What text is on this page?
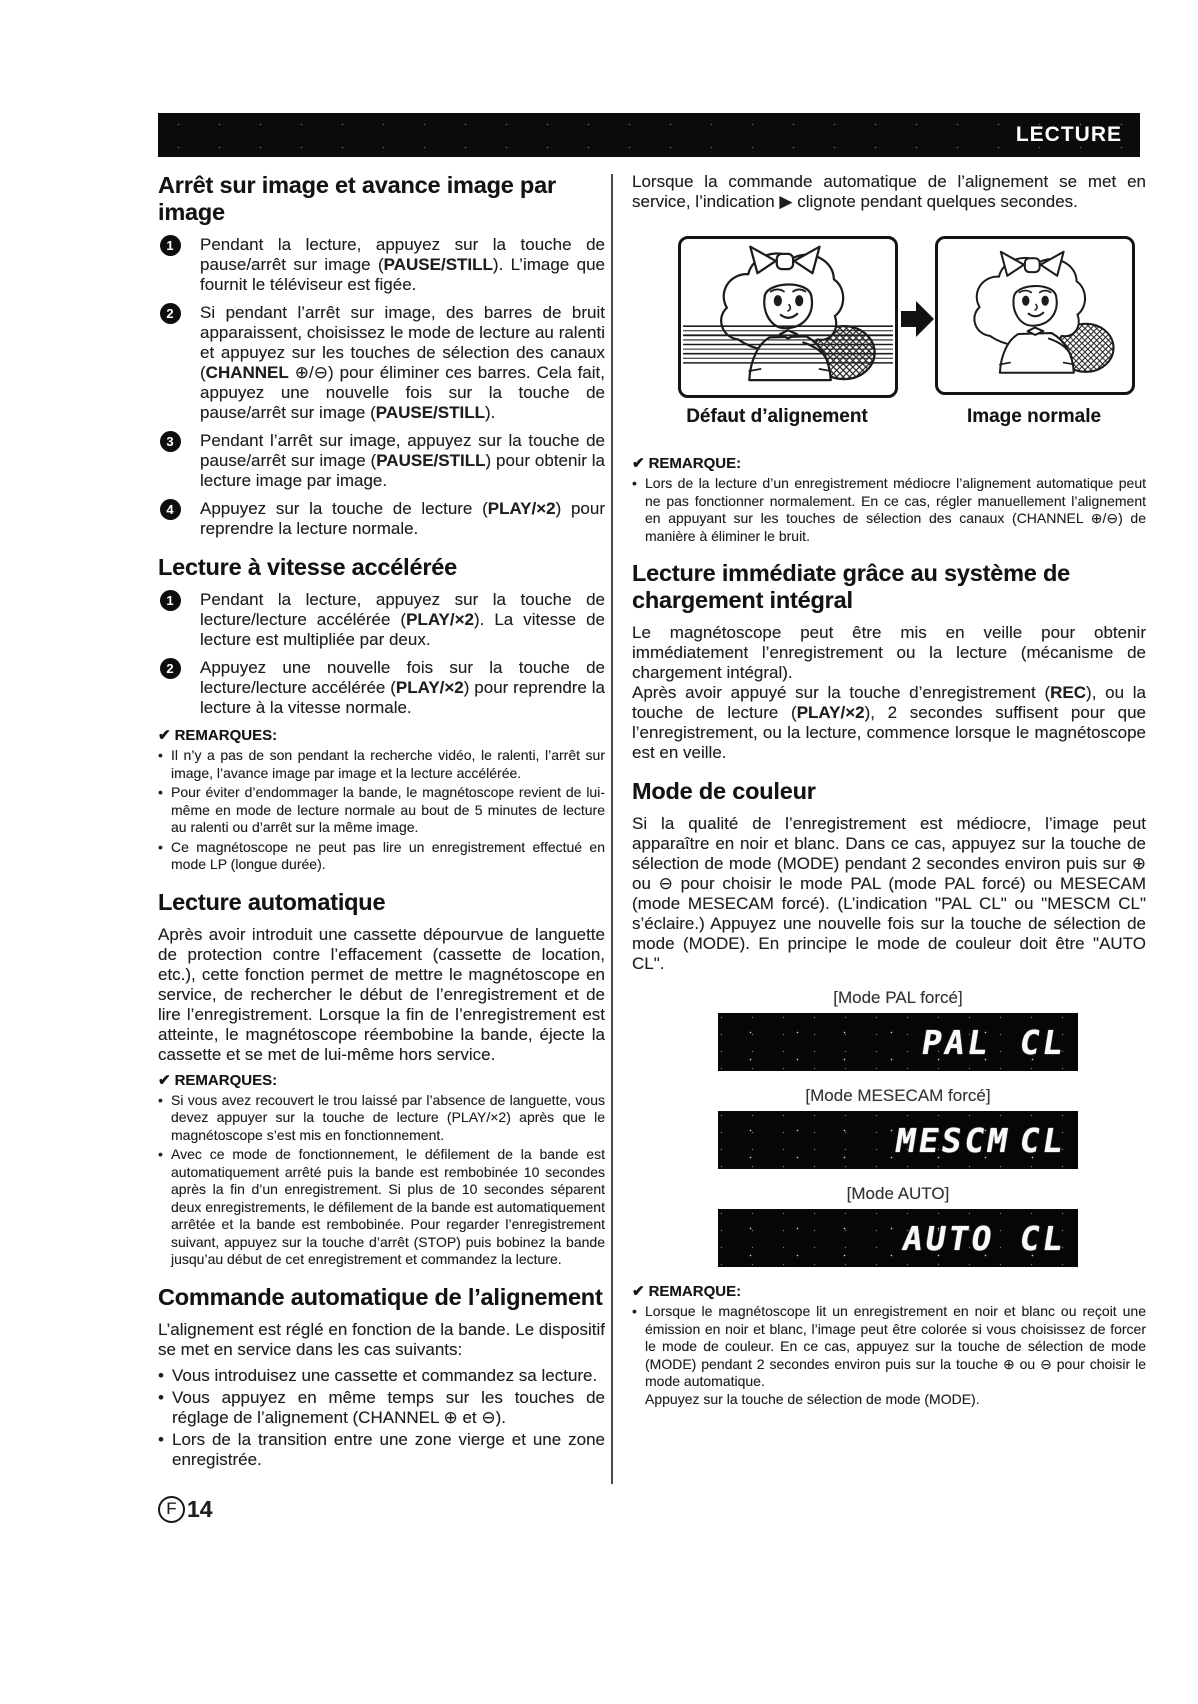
LECTURE
Arrêt sur image et avance image par image
1	Pendant la lecture, appuyez sur la touche de pause/arrêt sur image (PAUSE/STILL). L’image que fournit le téléviseur est figée.
2	Si pendant l’arrêt sur image, des barres de bruit apparaissent, choisissez le mode de lecture au ralenti et appuyez sur les touches de sélection des canaux (CHANNEL ⊕/⊖) pour éliminer ces barres. Cela fait, appuyez une nouvelle fois sur la touche de pause/arrêt sur image (PAUSE/STILL).
3	Pendant l’arrêt sur image, appuyez sur la touche de pause/arrêt sur image (PAUSE/STILL) pour obtenir la lecture image par image.
4	Appuyez sur la touche de lecture (PLAY/×2) pour reprendre la lecture normale.
Lecture à vitesse accélérée
1	Pendant la lecture, appuyez sur la touche de lecture/lecture accélérée (PLAY/×2). La vitesse de lecture est multipliée par deux.
2	Appuyez une nouvelle fois sur la touche de lecture/lecture accélérée (PLAY/×2) pour reprendre la lecture à la vitesse normale.
✔ REMARQUES:
• Il n’y a pas de son pendant la recherche vidéo, le ralenti, l’arrêt sur image, l’avance image par image et la lecture accélérée.
• Pour éviter d’endommager la bande, le magnétoscope revient de lui-même en mode de lecture normale au bout de 5 minutes de lecture au ralenti ou d’arrêt sur la même image.
• Ce magnétoscope ne peut pas lire un enregistrement effectué en mode LP (longue durée).
Lecture automatique

Après avoir introduit une cassette dépourvue de languette de protection contre l’effacement (cassette de location, etc.), cette fonction permet de mettre le magnétoscope en service, de rechercher le début de l’enregistrement et de lire l’enregistrement. Lorsque la fin de l’enregistrement est atteinte, le magnétoscope réembobine la bande, éjecte la cassette et se met de lui-même hors service.

✔ REMARQUES:
• Si vous avez recouvert le trou laissé par l’absence de languette, vous devez appuyer sur la touche de lecture (PLAY/×2) après que le magnétoscope s’est mis en fonctionnement.
• Avec ce mode de fonctionnement, le défilement de la bande est automatiquement arrêté puis la bande est rembobinée 10 secondes après la fin d’un enregistrement. Si plus de 10 secondes séparent deux enregistrements, le défilement de la bande est automatiquement arrêtée et la bande est rembobinée. Pour regarder l’enregistrement suivant, appuyez sur la touche d’arrêt (STOP) puis bobinez la bande jusqu’au début de cet enregistrement et commandez la lecture.
Commande automatique de l’alignement

L’alignement est réglé en fonction de la bande. Le dispositif se met en service dans les cas suivants:

• Vous introduisez une cassette et commandez sa lecture.
• Vous appuyez en même temps sur les touches de réglage de l’alignement (CHANNEL ⊕ et ⊖).
• Lors de la transition entre une zone vierge et une zone enregistrée.
F 14

Lorsque la commande automatique de l’alignement se met en service, l’indication ▶ clignote pendant quelques secondes.

Défaut d’alignement	Image normale
✔ REMARQUE:
• Lors de la lecture d’un enregistrement médiocre l’alignement automatique peut ne pas fonctionner normalement. En ce cas, régler manuellement l’alignement en appuyant sur les touches de sélection des canaux (CHANNEL ⊕/⊖) de manière à éliminer le bruit.
Lecture immédiate grâce au système de chargement intégral

Le magnétoscope peut être mis en veille pour obtenir immédiatement l’enregistrement ou la lecture (mécanisme de chargement intégral).

Après avoir appuyé sur la touche d’enregistrement (REC), ou la touche de lecture (PLAY/×2), 2 secondes suffisent pour que l’enregistrement, ou la lecture, commence lorsque le magnétoscope est en veille.

Mode de couleur

Si la qualité de l’enregistrement est médiocre, l’image peut apparaître en noir et blanc. Dans ce cas, appuyez sur la touche de sélection de mode (MODE) pendant 2 secondes environ puis sur ⊕ ou ⊖ pour choisir le mode PAL (mode PAL forcé) ou MESECAM (mode MESECAM forcé). (L’indication "PAL CL" ou "MESCM CL" s’éclaire.) Appuyez une nouvelle fois sur la touche de sélection de mode (MODE). En principe le mode de couleur doit être "AUTO CL".

[Mode PAL forcé]
PAL CL
[Mode MESECAM forcé]
MESCM CL
[Mode AUTO]
AUTO CL
✔ REMARQUE:
• Lorsque le magnétoscope lit un enregistrement en noir et blanc ou reçoit une émission en noir et blanc, l’image peut être colorée si vous choisissez de forcer le mode de couleur. En ce cas, appuyez sur la touche de sélection de mode (MODE) pendant 2 secondes environ puis sur la touche ⊕ ou ⊖ pour choisir le mode automatique.
Appuyez sur la touche de sélection de mode (MODE).
